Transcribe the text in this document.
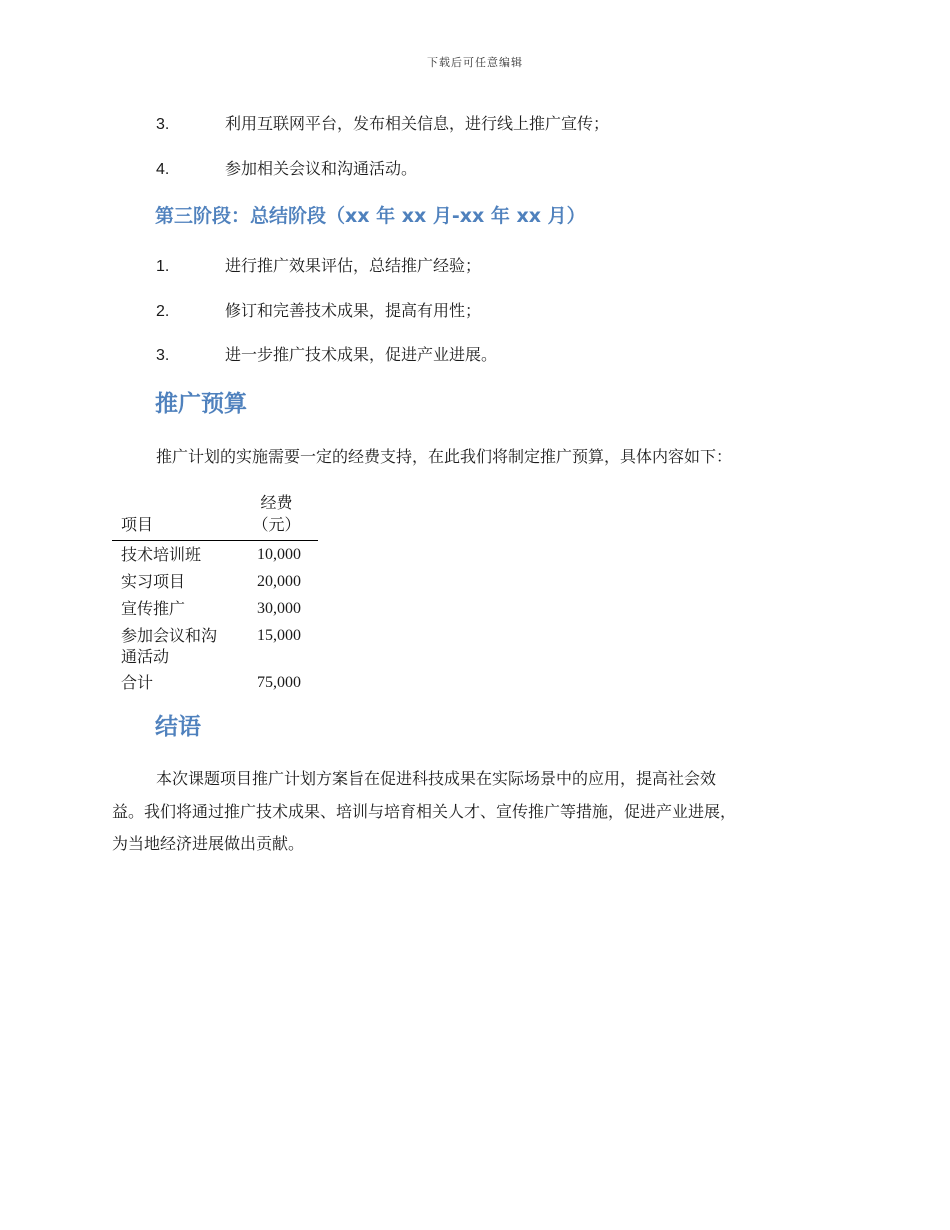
下载后可任意编辑
3.	利用互联网平台，发布相关信息，进行线上推广宣传；
4.	参加相关会议和沟通活动。
第三阶段：总结阶段（xx 年 xx 月-xx 年 xx 月）
1.	进行推广效果评估，总结推广经验；
2.	修订和完善技术成果，提高有用性；
3.	进一步推广技术成果，促进产业进展。
推广预算
推广计划的实施需要一定的经费支持，在此我们将制定推广预算，具体内容如下：
项目	经费
（元）

技术培训班	10,000
实习项目	20,000
宣传推广	30,000

参加会议和沟通活动	15,000
合计	75,000
结语
本次课题项目推广计划方案旨在促进科技成果在实际场景中的应用，提高社会效
益。我们将通过推广技术成果、培训与培育相关人才、宣传推广等措施，促进产业进展，
为当地经济进展做出贡献。
